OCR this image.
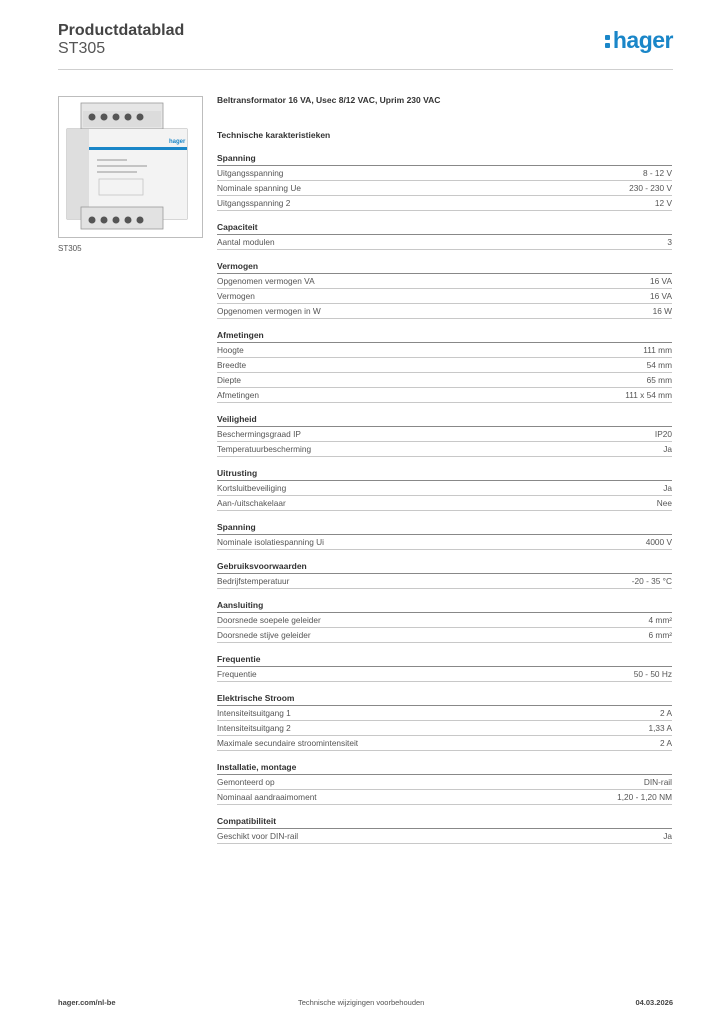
Productdatablad
ST305	hager
hager
ST305
Beltransformator 16 VA, Usec 8/12 VAC, Uprim 230 VAC
Technische karakteristieken
Spanning
Uitgangsspanning	8 - 12 V
Nominale spanning Ue	230 - 230 V
Uitgangsspanning 2	12 V
Capaciteit
Aantal modulen	3
Vermogen
Opgenomen vermogen VA	16 VA
Vermogen	16 VA
Opgenomen vermogen in W	16 W
Afmetingen
Hoogte	111 mm
Breedte	54 mm
Diepte	65 mm
Afmetingen	111 x 54 mm
Veiligheid
Beschermingsgraad IP	IP20
Temperatuurbescherming	Ja
Uitrusting
Kortsluitbeveiliging	Ja
Aan-/uitschakelaar	Nee
Spanning
Nominale isolatiespanning Ui	4000 V
Gebruiksvoorwaarden
Bedrijfstemperatuur	-20 - 35 °C
Aansluiting
Doorsnede soepele geleider	4 mm²
Doorsnede stijve geleider	6 mm²
Frequentie
Frequentie	50 - 50 Hz
Elektrische Stroom
Intensiteitsuitgang 1	2 A
Intensiteitsuitgang 2	1,33 A
Maximale secundaire stroomintensiteit	2 A
Installatie, montage
Gemonteerd op	DIN-rail
Nominaal aandraaimoment	1,20 - 1,20 NM
Compatibiliteit
Geschikt voor DIN-rail	Ja
hager.com/nl-be	Technische wijzigingen voorbehouden	04.03.2026
